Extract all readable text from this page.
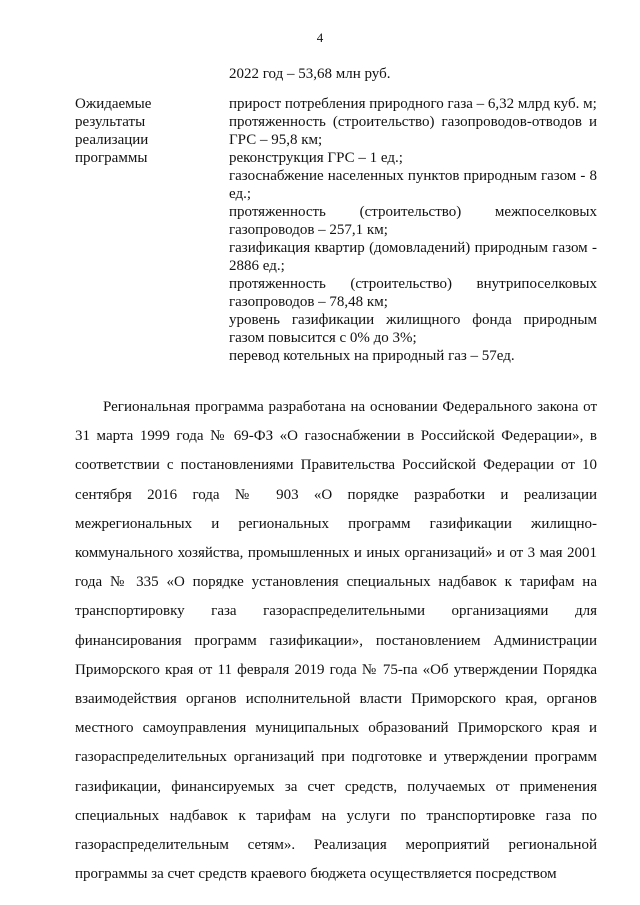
4
2022 год – 53,68 млн руб.
Ожидаемые результаты реализации программы
прирост потребления природного газа – 6,32 млрд куб. м;
протяженность (строительство) газопроводов-отводов и ГРС – 95,8 км;
реконструкция ГРС – 1 ед.;
газоснабжение населенных пунктов природным газом - 8 ед.;
протяженность (строительство) межпоселковых газопроводов – 257,1 км;
газификация квартир (домовладений) природным газом - 2886 ед.;
протяженность (строительство) внутрипоселковых газопроводов – 78,48 км;
уровень газификации жилищного фонда природным газом повысится с 0% до 3%;
перевод котельных на природный газ – 57ед.
Региональная программа разработана на основании Федерального закона от 31 марта 1999 года № 69-ФЗ «О газоснабжении в Российской Федерации», в соответствии с постановлениями Правительства Российской Федерации от 10 сентября 2016 года № 903 «О порядке разработки и реализации межрегиональных и региональных программ газификации жилищно-коммунального хозяйства, промышленных и иных организаций» и от 3 мая 2001 года № 335 «О порядке установления специальных надбавок к тарифам на транспортировку газа газораспределительными организациями для финансирования программ газификации», постановлением Администрации Приморского края от 11 февраля 2019 года № 75-па «Об утверждении Порядка взаимодействия органов исполнительной власти Приморского края, органов местного самоуправления муниципальных образований Приморского края и газораспределительных организаций при подготовке и утверждении программ газификации, финансируемых за счет средств, получаемых от применения специальных надбавок к тарифам на услуги по транспортировке газа по газораспределительным сетям». Реализация мероприятий региональной программы за счет средств краевого бюджета осуществляется посредством
